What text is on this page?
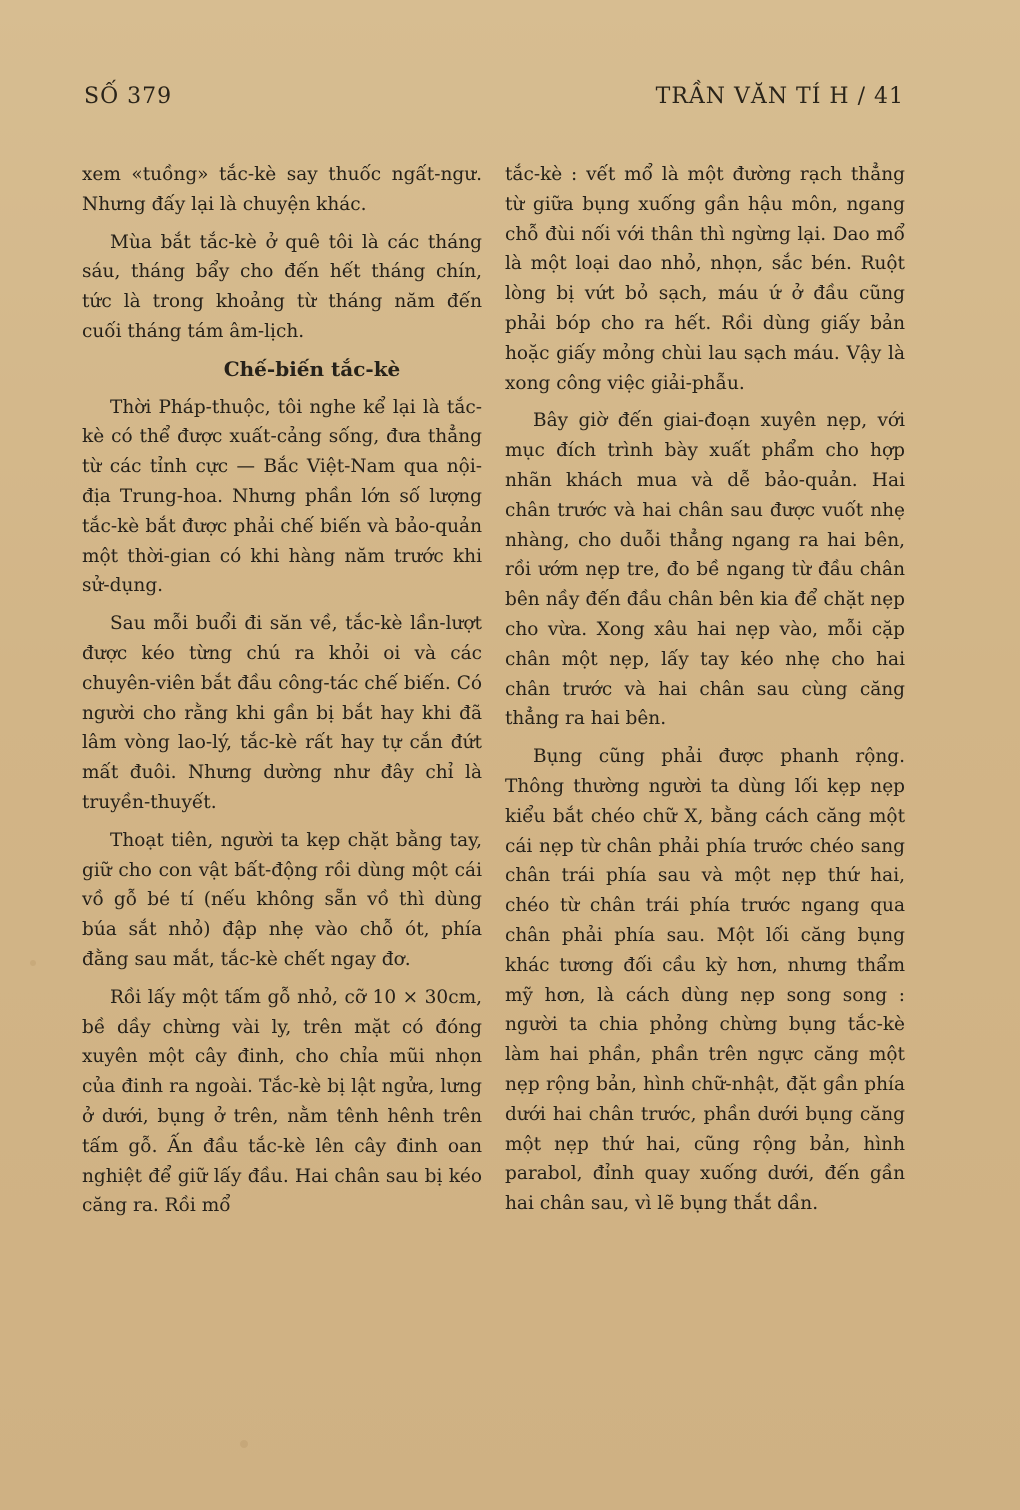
SỐ 379	TRẦN VĂN TÍ H / 41

xem «tuồng» tắc-kè say thuốc ngất-ngư. Nhưng đấy lại là chuyện khác.

Mùa bắt tắc-kè ở quê tôi là các tháng sáu, tháng bẩy cho đến hết tháng chín, tức là trong khoảng từ tháng năm đến cuối tháng tám âm-lịch.

Chế-biến tắc-kè

Thời Pháp-thuộc, tôi nghe kể lại là tắc-kè có thể được xuất-cảng sống, đưa thẳng từ các tỉnh cực — Bắc Việt-Nam qua nội-địa Trung-hoa. Nhưng phần lớn số lượng tắc-kè bắt được phải chế biến và bảo-quản một thời-gian có khi hàng năm trước khi sử-dụng.

Sau mỗi buổi đi săn về, tắc-kè lần-lượt được kéo từng chú ra khỏi oi và các chuyên-viên bắt đầu công-tác chế biến. Có người cho rằng khi gần bị bắt hay khi đã lâm vòng lao-lý, tắc-kè rất hay tự cắn đứt mất đuôi. Nhưng dường như đây chỉ là truyền-thuyết.

Thoạt tiên, người ta kẹp chặt bằng tay, giữ cho con vật bất-động rồi dùng một cái vồ gỗ bé tí (nếu không sẵn vồ thì dùng búa sắt nhỏ) đập nhẹ vào chỗ ót, phía đằng sau mắt, tắc-kè chết ngay đơ.

Rồi lấy một tấm gỗ nhỏ, cỡ 10 × 30cm, bề dầy chừng vài ly, trên mặt có đóng xuyên một cây đinh, cho chỉa mũi nhọn của đinh ra ngoài. Tắc-kè bị lật ngửa, lưng ở dưới, bụng ở trên, nằm tênh hênh trên tấm gỗ. Ấn đầu tắc-kè lên cây đinh oan nghiệt để giữ lấy đầu. Hai chân sau bị kéo căng ra. Rồi mổ

tắc-kè : vết mổ là một đường rạch thẳng từ giữa bụng xuống gần hậu môn, ngang chỗ đùi nối với thân thì ngừng lại. Dao mổ là một loại dao nhỏ, nhọn, sắc bén. Ruột lòng bị vứt bỏ sạch, máu ứ ở đầu cũng phải bóp cho ra hết. Rồi dùng giấy bản hoặc giấy mỏng chùi lau sạch máu. Vậy là xong công việc giải-phẫu.

Bây giờ đến giai-đoạn xuyên nẹp, với mục đích trình bày xuất phẩm cho hợp nhãn khách mua và dễ bảo-quản. Hai chân trước và hai chân sau được vuốt nhẹ nhàng, cho duỗi thẳng ngang ra hai bên, rồi ướm nẹp tre, đo bề ngang từ đầu chân bên nầy đến đầu chân bên kia để chặt nẹp cho vừa. Xong xâu hai nẹp vào, mỗi cặp chân một nẹp, lấy tay kéo nhẹ cho hai chân trước và hai chân sau cùng căng thẳng ra hai bên.

Bụng cũng phải được phanh rộng. Thông thường người ta dùng lối kẹp nẹp kiểu bắt chéo chữ X, bằng cách căng một cái nẹp từ chân phải phía trước chéo sang chân trái phía sau và một nẹp thứ hai, chéo từ chân trái phía trước ngang qua chân phải phía sau. Một lối căng bụng khác tương đối cầu kỳ hơn, nhưng thẩm mỹ hơn, là cách dùng nẹp song song : người ta chia phỏng chừng bụng tắc-kè làm hai phần, phần trên ngực căng một nẹp rộng bản, hình chữ-nhật, đặt gần phía dưới hai chân trước, phần dưới bụng căng một nẹp thứ hai, cũng rộng bản, hình parabol, đỉnh quay xuống dưới, đến gần hai chân sau, vì lẽ bụng thắt dần.
